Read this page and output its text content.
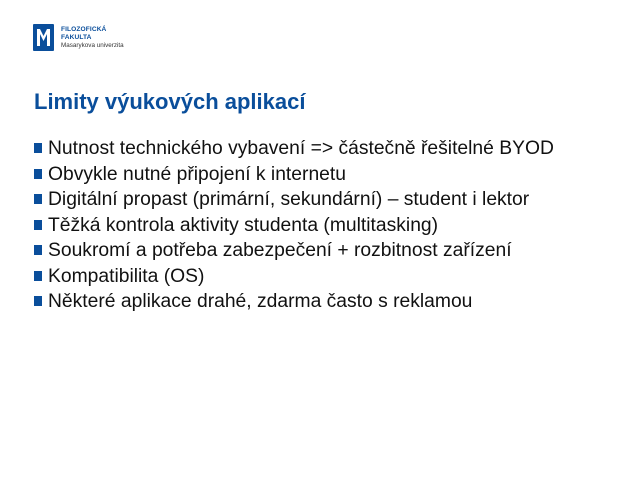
FILOZOFICKÁ
FAKULTA
Masarykova univerzita
Limity výukových aplikací
Nutnost technického vybavení => částečně řešitelné BYOD
Obvykle nutné připojení k internetu
Digitální propast (primární, sekundární) – student i lektor
Těžká kontrola aktivity studenta (multitasking)
Soukromí a potřeba zabezpečení + rozbitnost zařízení
Kompatibilita (OS)
Některé aplikace drahé, zdarma často s reklamou
